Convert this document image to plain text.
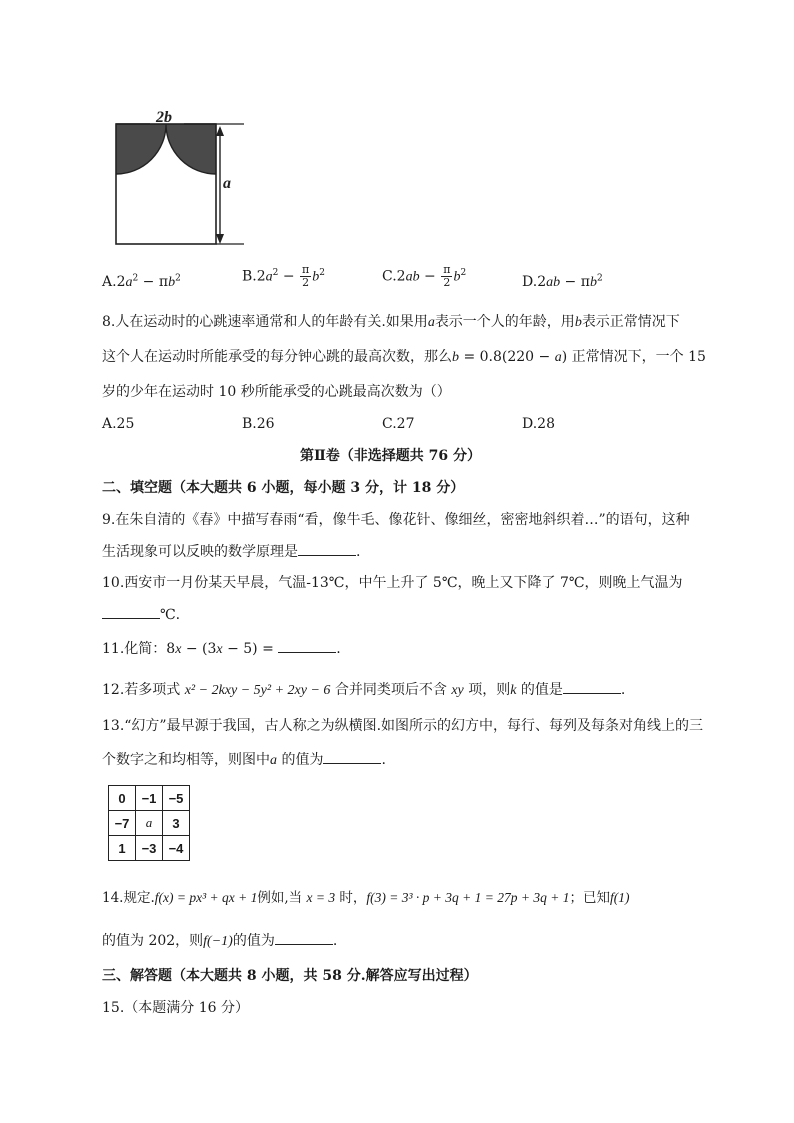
2b
a
$A.2a^2 - \pi b^2$	$B.2a^2 - \frac{\pi}{2} b^2$	$C.2ab - \frac{\pi}{2} b^2$
$D.2ab - \pi b^2$
8.人在运动时的心跳速率通常和人的年龄有关.如果用a表示一个人的年龄，用b表示正常情况下
这个人在运动时所能承受的每分钟心跳的最高次数，那么b = 0.8(220 − a) 正常情况下，一个 15
岁的少年在运动时 10 秒所能承受的心跳最高次数为（）
A.25	B.26	C.27	D.28
第Ⅱ卷（非选择题共 76 分）
二、填空题（本大题共 6 小题，每小题 3 分，计 18 分）
9.在朱自清的《春》中描写春雨“看，像牛毛、像花针、像细丝，密密地斜织着…”的语句，这种
生活现象可以反映的数学原理是	.
10.西安市一月份某天早晨，气温-13℃，中午上升了 5℃，晚上又下降了 7℃，则晚上气温为
℃.
11.化简：8x − (3x − 5) =	.
12.若多项式 x² − 2kxy − 5y² + 2xy − 6 合并同类项后不含 xy 项，则k 的值是	.
13.“幻方”最早源于我国，古人称之为纵横图.如图所示的幻方中，每行、每列及每条对角线上的三
个数字之和均相等，则图中a 的值为	.
0	−1	−5
−7	a	3
1	−3	−4
14.规定.f(x) = px³ + qx + 1例如,当 x = 3 时，f(3) = 3³ · p + 3q + 1 = 27p + 3q + 1；已知f(1)
的值为 202，则f(−1)的值为	.
三、解答题（本大题共 8 小题，共 58 分.解答应写出过程）
15.（本题满分 16 分）
